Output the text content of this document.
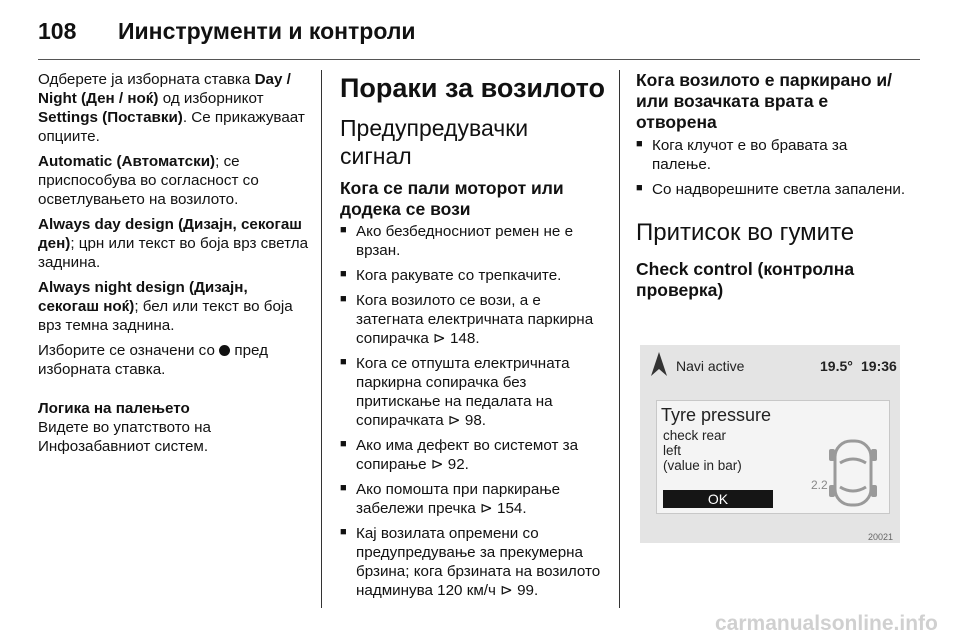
108 Иинструменти и контроли

Одберете ја изборната ставка Day / Night (Ден / ноќ) од изборникот Settings (Поставки). Се прикажуваат опциите.

Automatic (Автоматски); се приспособува во согласност со осветлувањето на возилото.

Always day design (Дизајн, секогаш ден); црн или текст во боја врз светла заднина.

Always night design (Дизајн, секогаш ноќ); бел или текст во боја врз темна заднина.

Изборите се означени со  пред изборната ставка.

Логика на палењето

Видете во упатството на Инфозабавниот систем.

Пораки за возилото
Предупредувачки сигнал
Кога се пали моторот или додека се вози
■ Ако безбедносниот ремен не е врзан.
■ Кога ракувате со трепкачите.
■ Кога возилото се вози, а е затегната електричната паркирна сопирачка ⊳ 148.
■ Кога се отпушта електричната паркирна сопирачка без притискање на педалата на сопирачката ⊳ 98.
■ Ако има дефект во системот за сопирање ⊳ 92.
■ Ако помошта при паркирање забележи пречка ⊳ 154.
■ Кај возилата опремени со предупредување за прекумерна брзина; кога брзината на возилото надминува 120 км/ч ⊳ 99.
Кога возилото е паркирано и/или возачката врата е отворена
■ Кога клучот е во бравата за палење.
■ Со надворешните светла запалени.
Притисок во гумите
Check control (контролна проверка)
Navi active	19.5° 19:36
Tyre pressure
check rear
left
(value in bar)
2.2
OK
20021
carmanualsonline.info
